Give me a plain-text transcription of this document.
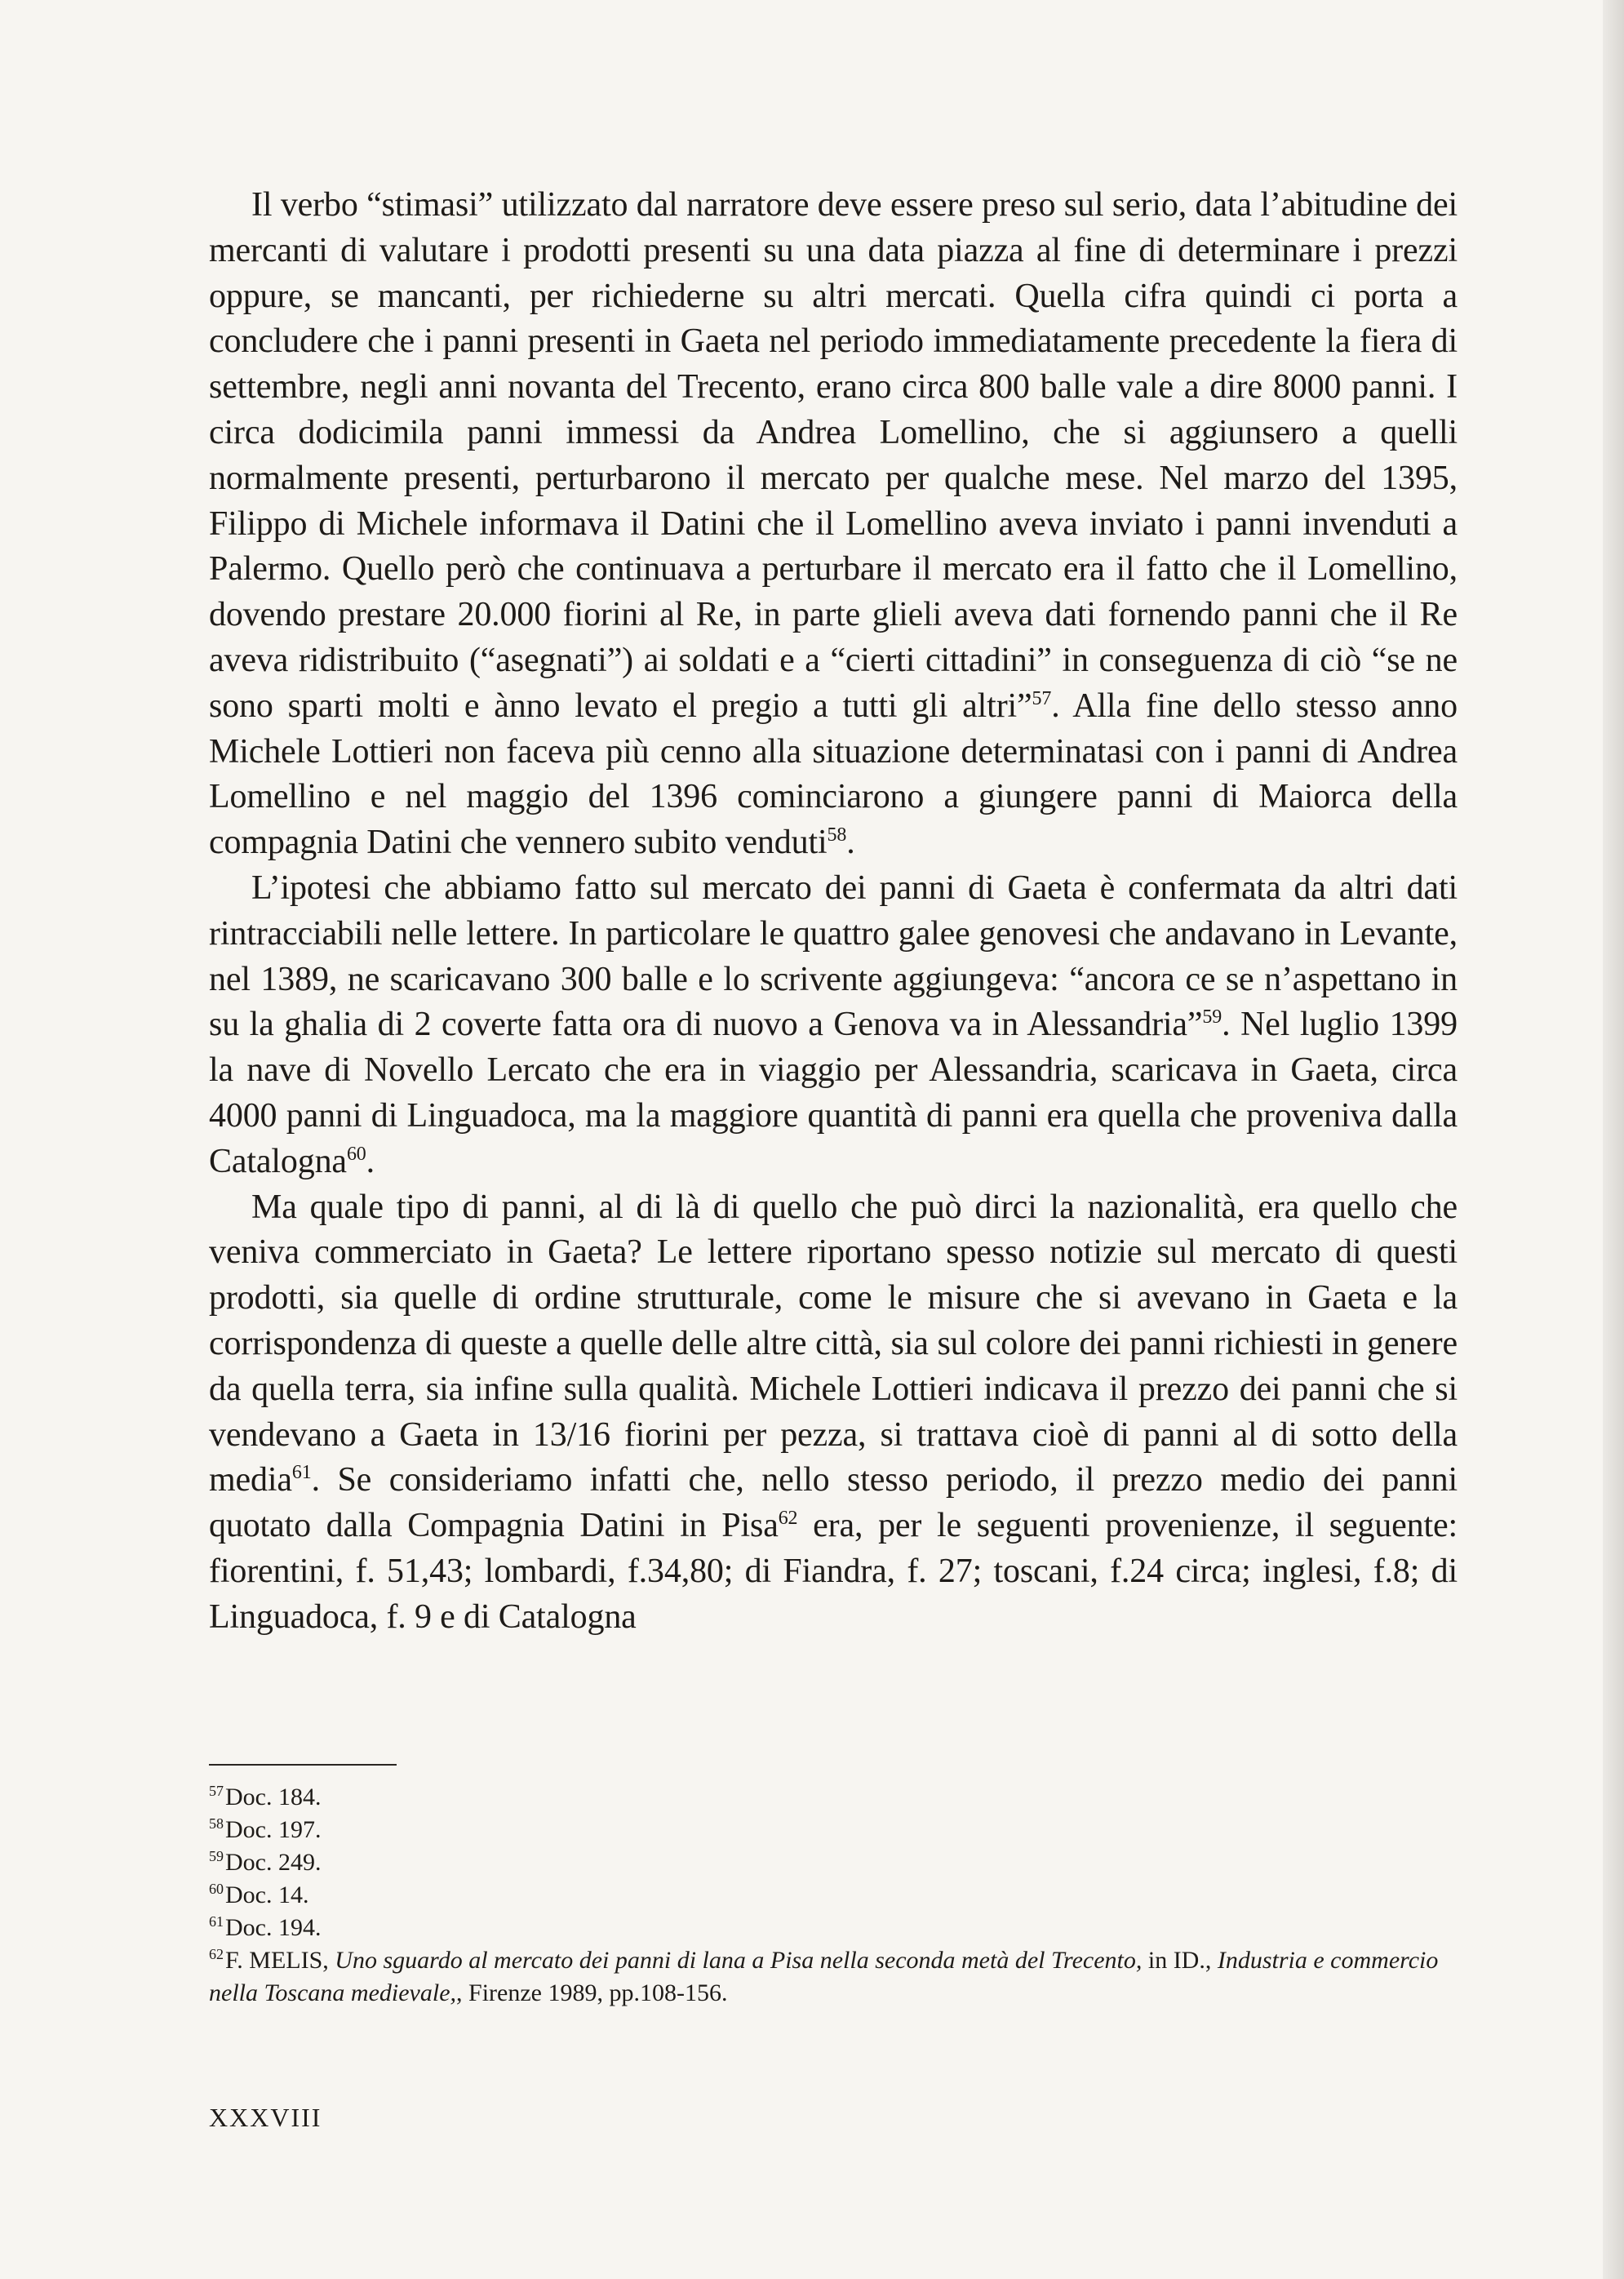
Il verbo “stimasi” utilizzato dal narratore deve essere preso sul serio, data l’abitudine dei mercanti di valutare i prodotti presenti su una data piazza al fine di determinare i prezzi oppure, se mancanti, per richiederne su altri mercati. Quella cifra quindi ci porta a concludere che i panni presenti in Gaeta nel periodo immediatamente precedente la fiera di settembre, negli anni novanta del Trecento, erano circa 800 balle vale a dire 8000 panni. I circa dodicimila panni immessi da Andrea Lomellino, che si aggiunsero a quelli normalmente presenti, perturbarono il mercato per qualche mese. Nel marzo del 1395, Filippo di Michele informava il Datini che il Lomellino aveva inviato i panni invenduti a Palermo. Quello però che continuava a perturbare il mercato era il fatto che il Lomellino, dovendo prestare 20.000 fiorini al Re, in parte glieli aveva dati fornendo panni che il Re aveva ridistribuito (“asegnati”) ai soldati e a “cierti cittadini” in conseguenza di ciò “se ne sono sparti molti e ànno levato el pregio a tutti gli altri”$^{57}$. Alla fine dello stesso anno Michele Lottieri non faceva più cenno alla situazione determinatasi con i panni di Andrea Lomellino e nel maggio del 1396 cominciarono a giungere panni di Maiorca della compagnia Datini che vennero subito venduti$^{58}$.

L’ipotesi che abbiamo fatto sul mercato dei panni di Gaeta è confermata da altri dati rintracciabili nelle lettere. In particolare le quattro galee genovesi che andavano in Levante, nel 1389, ne scaricavano 300 balle e lo scrivente aggiungeva: “ancora ce se n’aspettano in su la ghalia di 2 coverte fatta ora di nuovo a Genova va in Alessandria”$^{59}$. Nel luglio 1399 la nave di Novello Lercato che era in viaggio per Alessandria, scaricava in Gaeta, circa 4000 panni di Linguadoca, ma la maggiore quantità di panni era quella che proveniva dalla Catalogna$^{60}$.

Ma quale tipo di panni, al di là di quello che può dirci la nazionalità, era quello che veniva commerciato in Gaeta? Le lettere riportano spesso notizie sul mercato di questi prodotti, sia quelle di ordine strutturale, come le misure che si avevano in Gaeta e la corrispondenza di queste a quelle delle altre città, sia sul colore dei panni richiesti in genere da quella terra, sia infine sulla qualità. Michele Lottieri indicava il prezzo dei panni che si vendevano a Gaeta in 13/16 fiorini per pezza, si trattava cioè di panni al di sotto della media$^{61}$. Se consideriamo infatti che, nello stesso periodo, il prezzo medio dei panni quotato dalla Compagnia Datini in Pisa$^{62}$ era, per le seguenti provenienze, il seguente: fiorentini, f. 51,43; lombardi, f.34,80; di Fiandra, f. 27; toscani, f.24 circa; inglesi, f.8; di Linguadoca, f. 9 e di Catalogna

$^{57}$Doc. 184.

$^{58}$Doc. 197.

$^{59}$Doc. 249.

$^{60}$Doc. 14.

$^{61}$Doc. 194.

$^{62}$F. MELIS, Uno sguardo al mercato dei panni di lana a Pisa nella seconda metà del Trecento, in ID., Industria e commercio nella Toscana medievale,, Firenze 1989, pp.108-156.

XXXVIII
